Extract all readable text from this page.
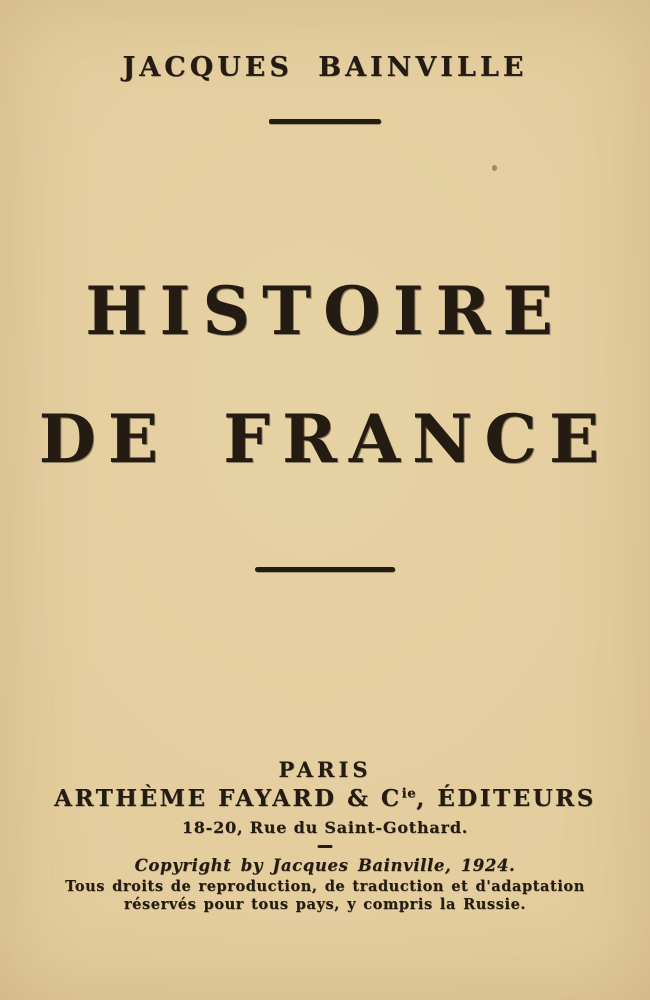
JACQUES BAINVILLE
HISTOIRE
DE FRANCE
PARIS
ARTHÈME FAYARD & $C^{ie}$, ÉDITEURS
18-20, Rue du Saint-Gothard.
Copyright by Jacques Bainville, 1924.
Tous droits de reproduction, de traduction et d'adaptation
réservés pour tous pays, y compris la Russie.
